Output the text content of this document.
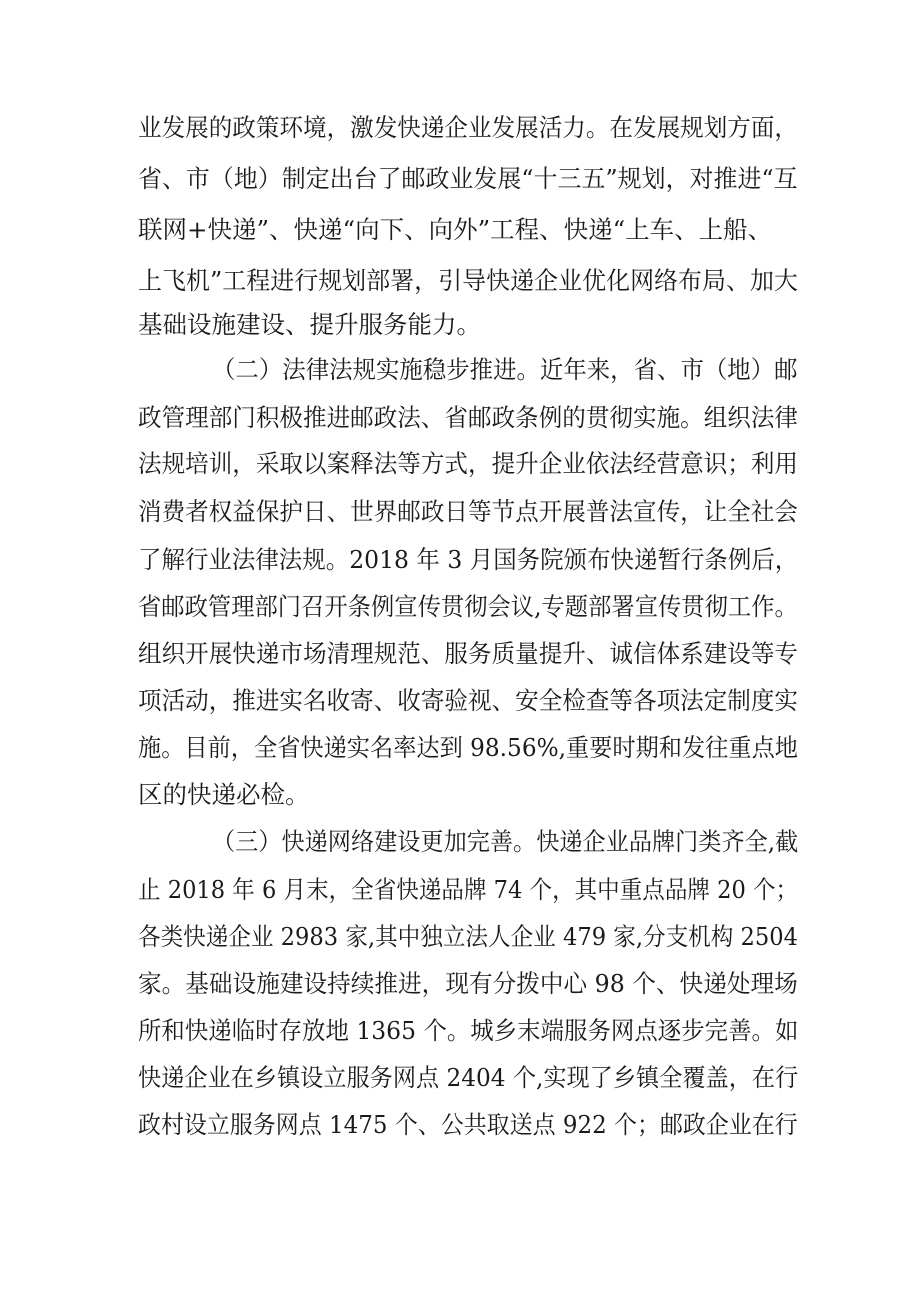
业发展的政策环境，激发快递企业发展活力。在发展规划方面，
省、市（地）制定出台了邮政业发展“十三五”规划，对推进“互
联网+快递”、快递“向下、向外”工程、快递“上车、上船、
上飞机”工程进行规划部署，引导快递企业优化网络布局、加大
基础设施建设、提升服务能力。
（二）法律法规实施稳步推进。近年来，省、市（地）邮
政管理部门积极推进邮政法、省邮政条例的贯彻实施。组织法律
法规培训，采取以案释法等方式，提升企业依法经营意识；利用
消费者权益保护日、世界邮政日等节点开展普法宣传，让全社会
了解行业法律法规。2018 年 3 月国务院颁布快递暂行条例后，
省邮政管理部门召开条例宣传贯彻会议,专题部署宣传贯彻工作。
组织开展快递市场清理规范、服务质量提升、诚信体系建设等专
项活动，推进实名收寄、收寄验视、安全检查等各项法定制度实
施。目前，全省快递实名率达到 98.56%,重要时期和发往重点地
区的快递必检。
（三）快递网络建设更加完善。快递企业品牌门类齐全,截
止 2018 年 6 月末，全省快递品牌 74 个，其中重点品牌 20 个；
各类快递企业 2983 家,其中独立法人企业 479 家,分支机构 2504
家。基础设施建设持续推进，现有分拨中心 98 个、快递处理场
所和快递临时存放地 1365 个。城乡末端服务网点逐步完善。如
快递企业在乡镇设立服务网点 2404 个,实现了乡镇全覆盖，在行
政村设立服务网点 1475 个、公共取送点 922 个；邮政企业在行
